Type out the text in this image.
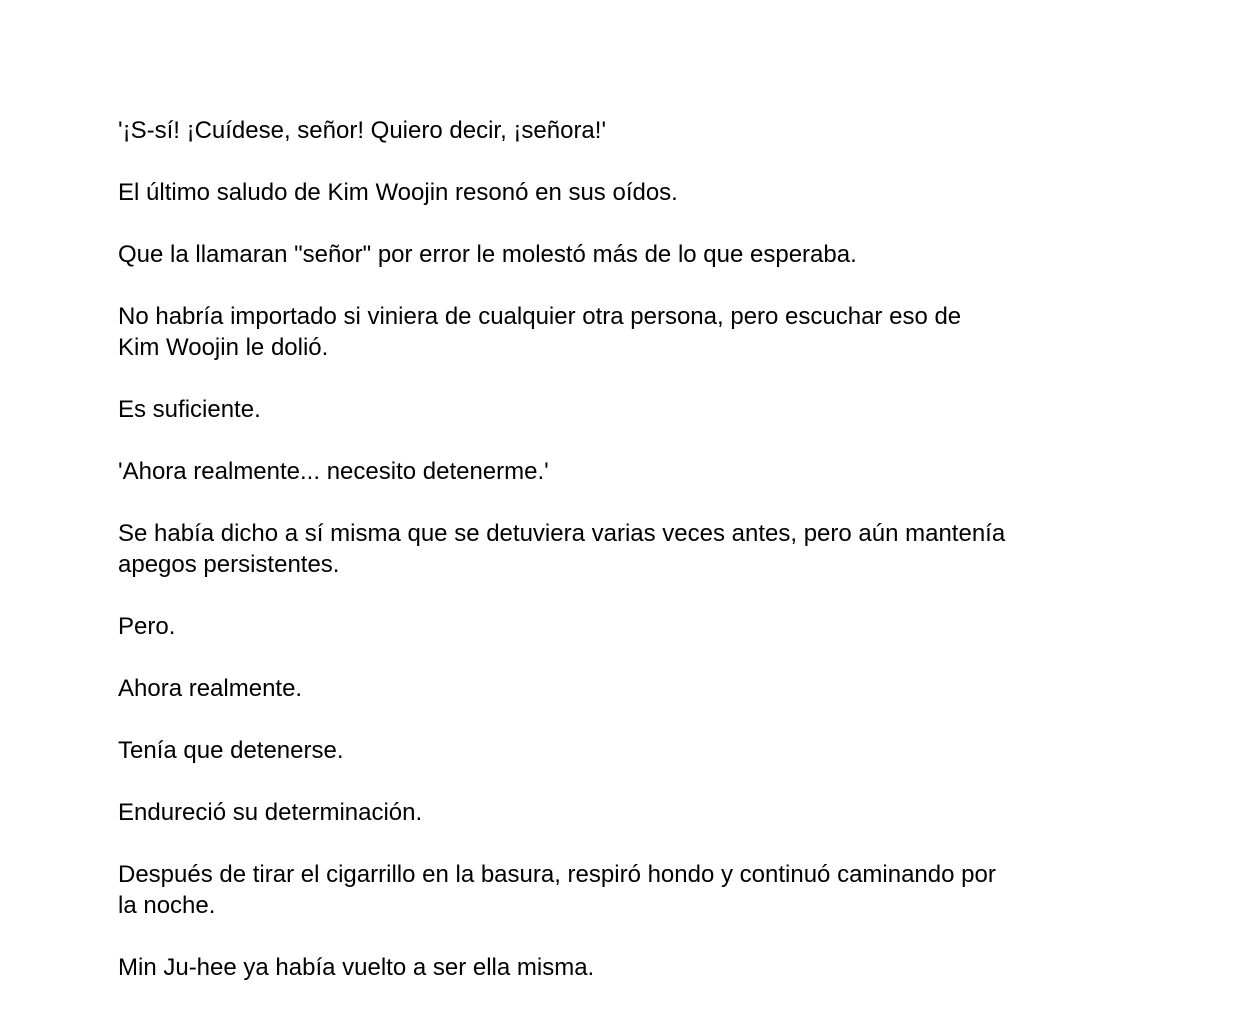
'¡S-sí! ¡Cuídese, señor! Quiero decir, ¡señora!'

El último saludo de Kim Woojin resonó en sus oídos.

Que la llamaran "señor" por error le molestó más de lo que esperaba.

No habría importado si viniera de cualquier otra persona, pero escuchar eso de
Kim Woojin le dolió.

Es suficiente.

'Ahora realmente... necesito detenerme.'

Se había dicho a sí misma que se detuviera varias veces antes, pero aún mantenía
apegos persistentes.

Pero.

Ahora realmente.

Tenía que detenerse.

Endureció su determinación.

Después de tirar el cigarrillo en la basura, respiró hondo y continuó caminando por
la noche.

Min Ju-hee ya había vuelto a ser ella misma.
